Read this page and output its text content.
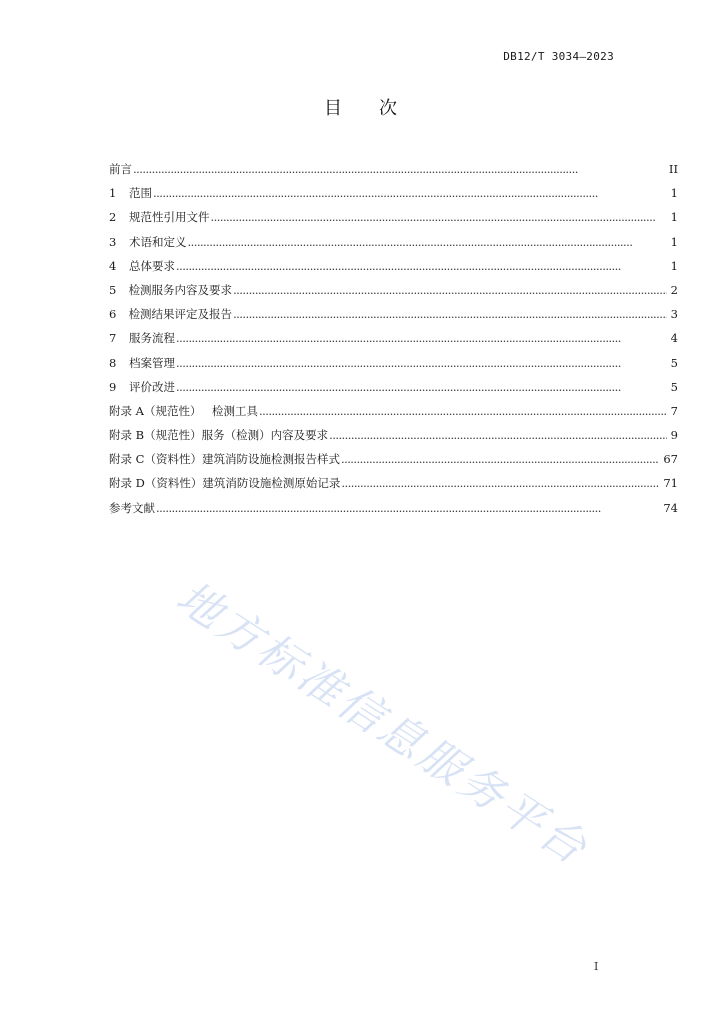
DB12/T 3034—2023
目 次
前言 . . .	II
1	范围 . . .	1
2	规范性引用文件 . . .	1
3	术语和定义 . . .	1
4	总体要求 . . .	1
5	检测服务内容及要求 . . .	2
6	检测结果评定及报告 . . .	3
7	服务流程 . . .	4
8	档案管理 . . .	5
9	评价改进 . . .	5
附录 A（规范性） 检测工具 . . .	7
附录 B（规范性） 服务（检测）内容及要求 . . .	9
附录 C（资料性） 建筑消防设施检测报告样式 . . .	67
附录 D（资料性） 建筑消防设施检测原始记录 . . .	71
参考文献 . . .	74
地方标准信息服务平台
I
